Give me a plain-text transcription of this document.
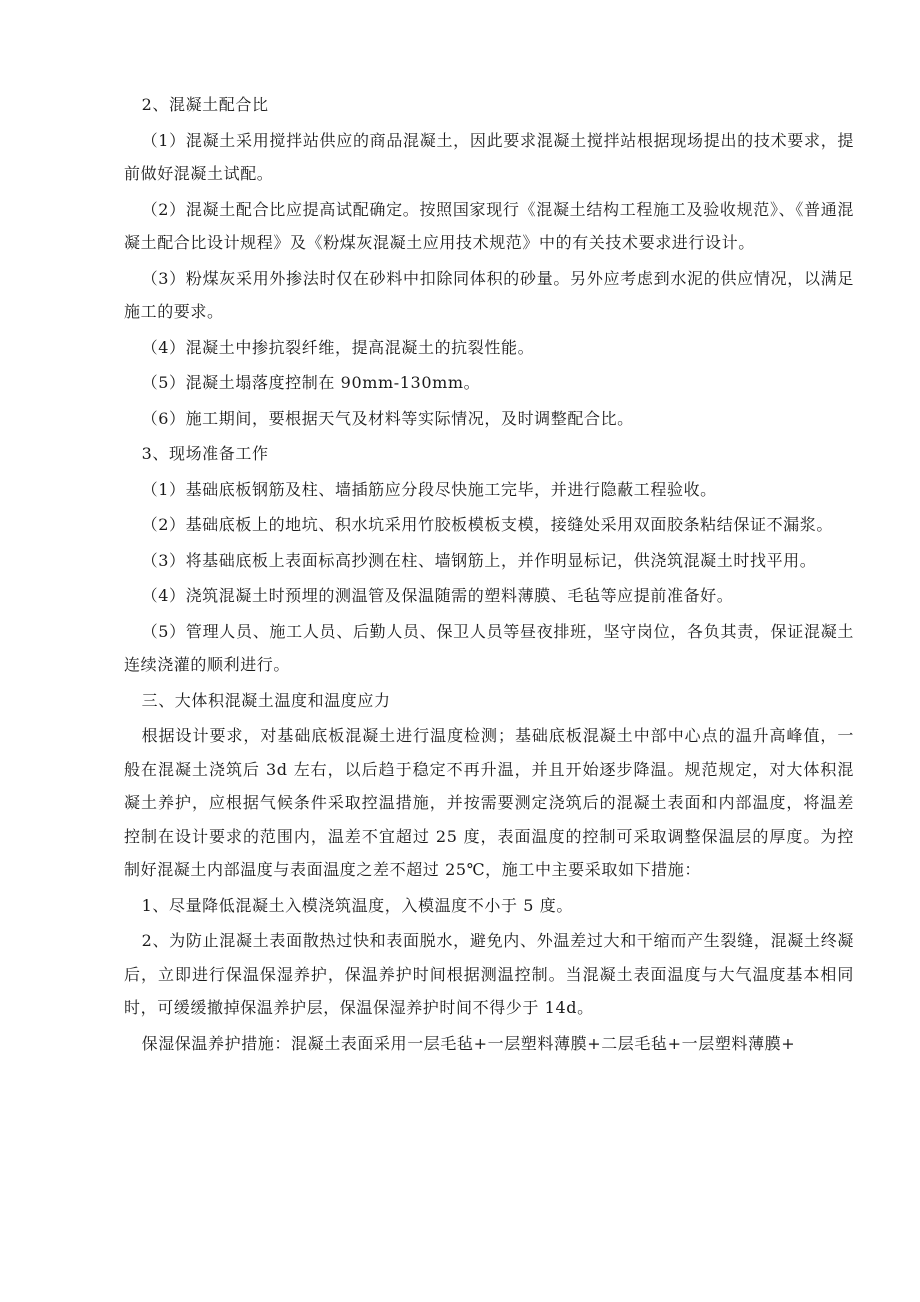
2、混凝土配合比

（1）混凝土采用搅拌站供应的商品混凝土，因此要求混凝土搅拌站根据现场提出的技术要求，提前做好混凝土试配。

（2）混凝土配合比应提高试配确定。按照国家现行《混凝土结构工程施工及验收规范》、《普通混凝土配合比设计规程》及《粉煤灰混凝土应用技术规范》中的有关技术要求进行设计。

（3）粉煤灰采用外掺法时仅在砂料中扣除同体积的砂量。另外应考虑到水泥的供应情况，以满足施工的要求。

（4）混凝土中掺抗裂纤维，提高混凝土的抗裂性能。

（5）混凝土塌落度控制在 90mm-130mm。

（6）施工期间，要根据天气及材料等实际情况，及时调整配合比。

3、现场准备工作

（1）基础底板钢筋及柱、墙插筋应分段尽快施工完毕，并进行隐蔽工程验收。

（2）基础底板上的地坑、积水坑采用竹胶板模板支模，接缝处采用双面胶条粘结保证不漏浆。

（3）将基础底板上表面标高抄测在柱、墙钢筋上，并作明显标记，供浇筑混凝土时找平用。

（4）浇筑混凝土时预埋的测温管及保温随需的塑料薄膜、毛毡等应提前准备好。

（5）管理人员、施工人员、后勤人员、保卫人员等昼夜排班，坚守岗位，各负其责，保证混凝土连续浇灌的顺利进行。

三、大体积混凝土温度和温度应力

根据设计要求，对基础底板混凝土进行温度检测；基础底板混凝土中部中心点的温升高峰值，一般在混凝土浇筑后 3d 左右，以后趋于稳定不再升温，并且开始逐步降温。规范规定，对大体积混凝土养护，应根据气候条件采取控温措施，并按需要测定浇筑后的混凝土表面和内部温度，将温差控制在设计要求的范围内，温差不宜超过 25 度，表面温度的控制可采取调整保温层的厚度。为控制好混凝土内部温度与表面温度之差不超过 25℃，施工中主要采取如下措施：

1、尽量降低混凝土入模浇筑温度，入模温度不小于 5 度。

2、为防止混凝土表面散热过快和表面脱水，避免内、外温差过大和干缩而产生裂缝，混凝土终凝后，立即进行保温保湿养护，保温养护时间根据测温控制。当混凝土表面温度与大气温度基本相同时，可缓缓撤掉保温养护层，保温保湿养护时间不得少于 14d。

保湿保温养护措施：混凝土表面采用一层毛毡+一层塑料薄膜+二层毛毡+一层塑料薄膜+
